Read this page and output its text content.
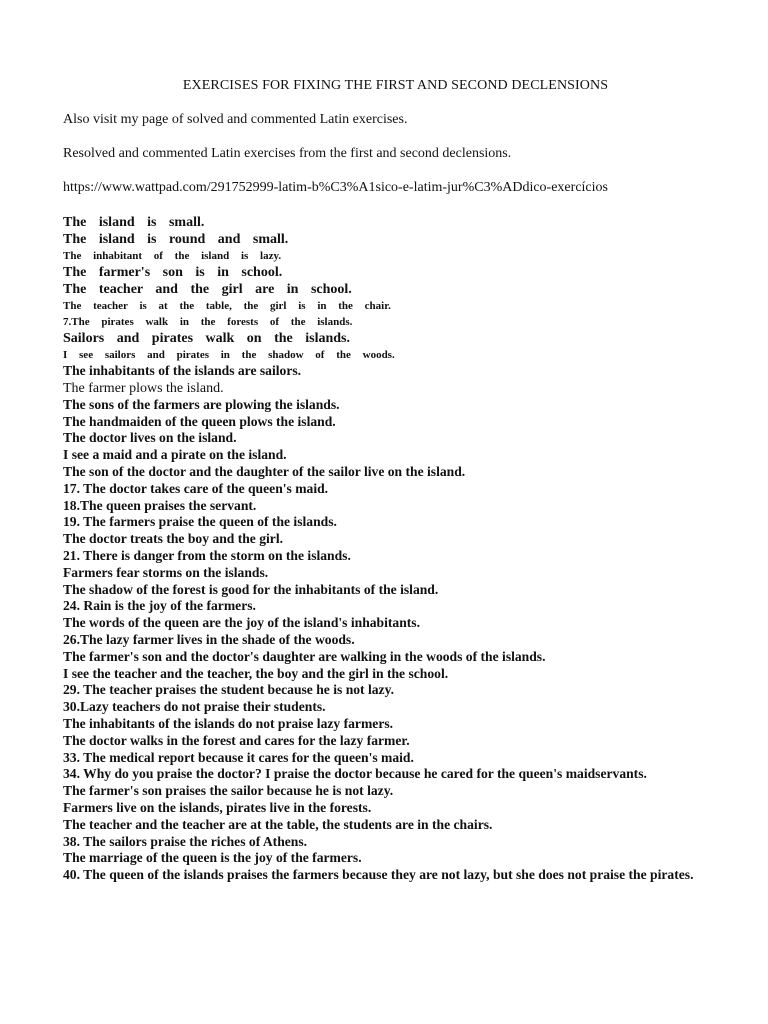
EXERCISES FOR FIXING THE FIRST AND SECOND DECLENSIONS

Also visit my page of solved and commented Latin exercises.

Resolved and commented Latin exercises from the first and second declensions.

https://www.wattpad.com/291752999-latim-b%C3%A1sico-e-latim-jur%C3%ADdico-exercícios

The island is small.
The island is round and small.
The inhabitant of the island is lazy.
The farmer's son is in school.
The teacher and the girl are in school.
The teacher is at the table, the girl is in the chair.
7.The pirates walk in the forests of the islands.
Sailors and pirates walk on the islands.
I see sailors and pirates in the shadow of the woods.
The inhabitants of the islands are sailors.
The farmer plows the island.
The sons of the farmers are plowing the islands.
The handmaiden of the queen plows the island.
The doctor lives on the island.
I see a maid and a pirate on the island.
The son of the doctor and the daughter of the sailor live on the island.
17. The doctor takes care of the queen's maid.
18.The queen praises the servant.
19. The farmers praise the queen of the islands.
The doctor treats the boy and the girl.
21. There is danger from the storm on the islands.
Farmers fear storms on the islands.
The shadow of the forest is good for the inhabitants of the island.
24. Rain is the joy of the farmers.
The words of the queen are the joy of the island's inhabitants.
26.The lazy farmer lives in the shade of the woods.
The farmer's son and the doctor's daughter are walking in the woods of the islands.
I see the teacher and the teacher, the boy and the girl in the school.
29. The teacher praises the student because he is not lazy.
30.Lazy teachers do not praise their students.
The inhabitants of the islands do not praise lazy farmers.
The doctor walks in the forest and cares for the lazy farmer.
33. The medical report because it cares for the queen's maid.
34. Why do you praise the doctor? I praise the doctor because he cared for the queen's maidservants.
The farmer's son praises the sailor because he is not lazy.
Farmers live on the islands, pirates live in the forests.
The teacher and the teacher are at the table, the students are in the chairs.
38. The sailors praise the riches of Athens.
The marriage of the queen is the joy of the farmers.
40. The queen of the islands praises the farmers because they are not lazy, but she does not praise the pirates.
